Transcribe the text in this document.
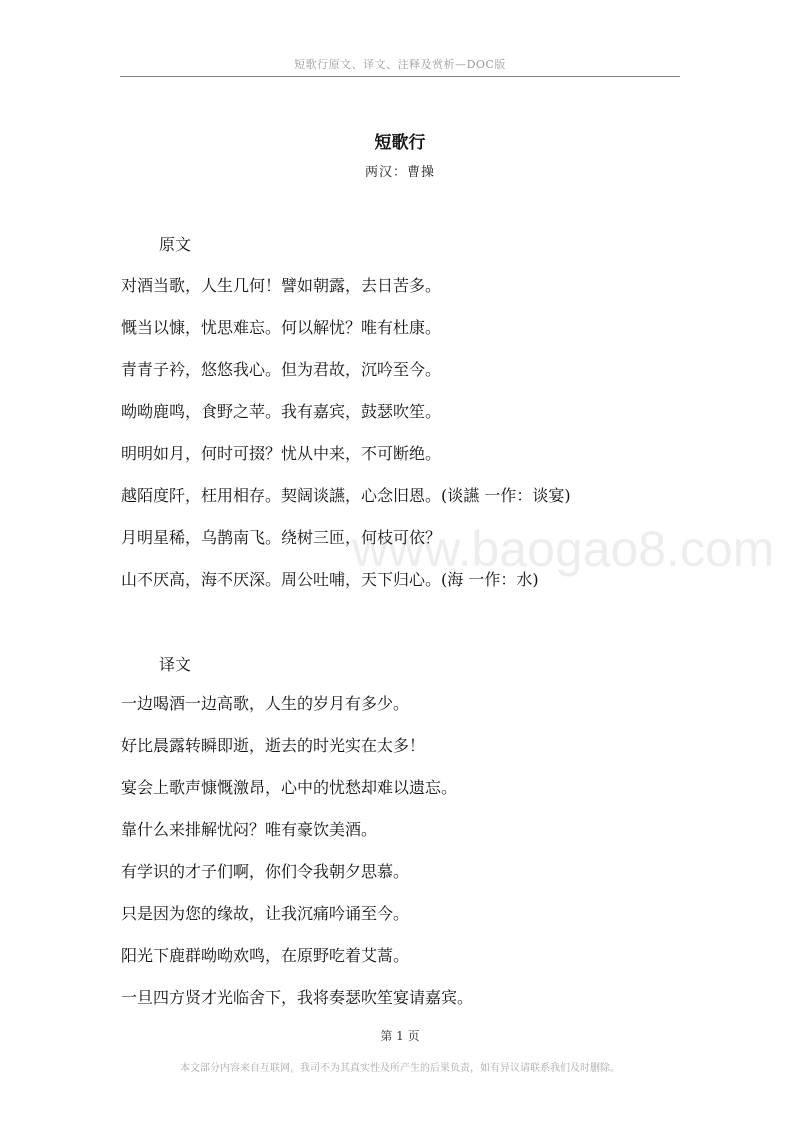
短歌行原文、译文、注释及赏析—DOC版
短歌行
两汉：曹操
原文
对酒当歌，人生几何！譬如朝露，去日苦多。
慨当以慷，忧思难忘。何以解忧？唯有杜康。
青青子衿，悠悠我心。但为君故，沉吟至今。
呦呦鹿鸣，食野之苹。我有嘉宾，鼓瑟吹笙。
明明如月，何时可掇？忧从中来，不可断绝。
越陌度阡，枉用相存。契阔谈讌，心念旧恩。(谈讌 一作：谈宴)
月明星稀，乌鹊南飞。绕树三匝，何枝可依？
山不厌高，海不厌深。周公吐哺，天下归心。(海 一作：水)
译文
一边喝酒一边高歌，人生的岁月有多少。
好比晨露转瞬即逝，逝去的时光实在太多！
宴会上歌声慷慨激昂，心中的忧愁却难以遗忘。
靠什么来排解忧闷？唯有豪饮美酒。
有学识的才子们啊，你们令我朝夕思慕。
只是因为您的缘故，让我沉痛吟诵至今。
阳光下鹿群呦呦欢鸣，在原野吃着艾蒿。
一旦四方贤才光临舍下，我将奏瑟吹笙宴请嘉宾。
www.baogao8.com
第 1 页
本文部分内容来自互联网，我司不为其真实性及所产生的后果负责，如有异议请联系我们及时删除。
